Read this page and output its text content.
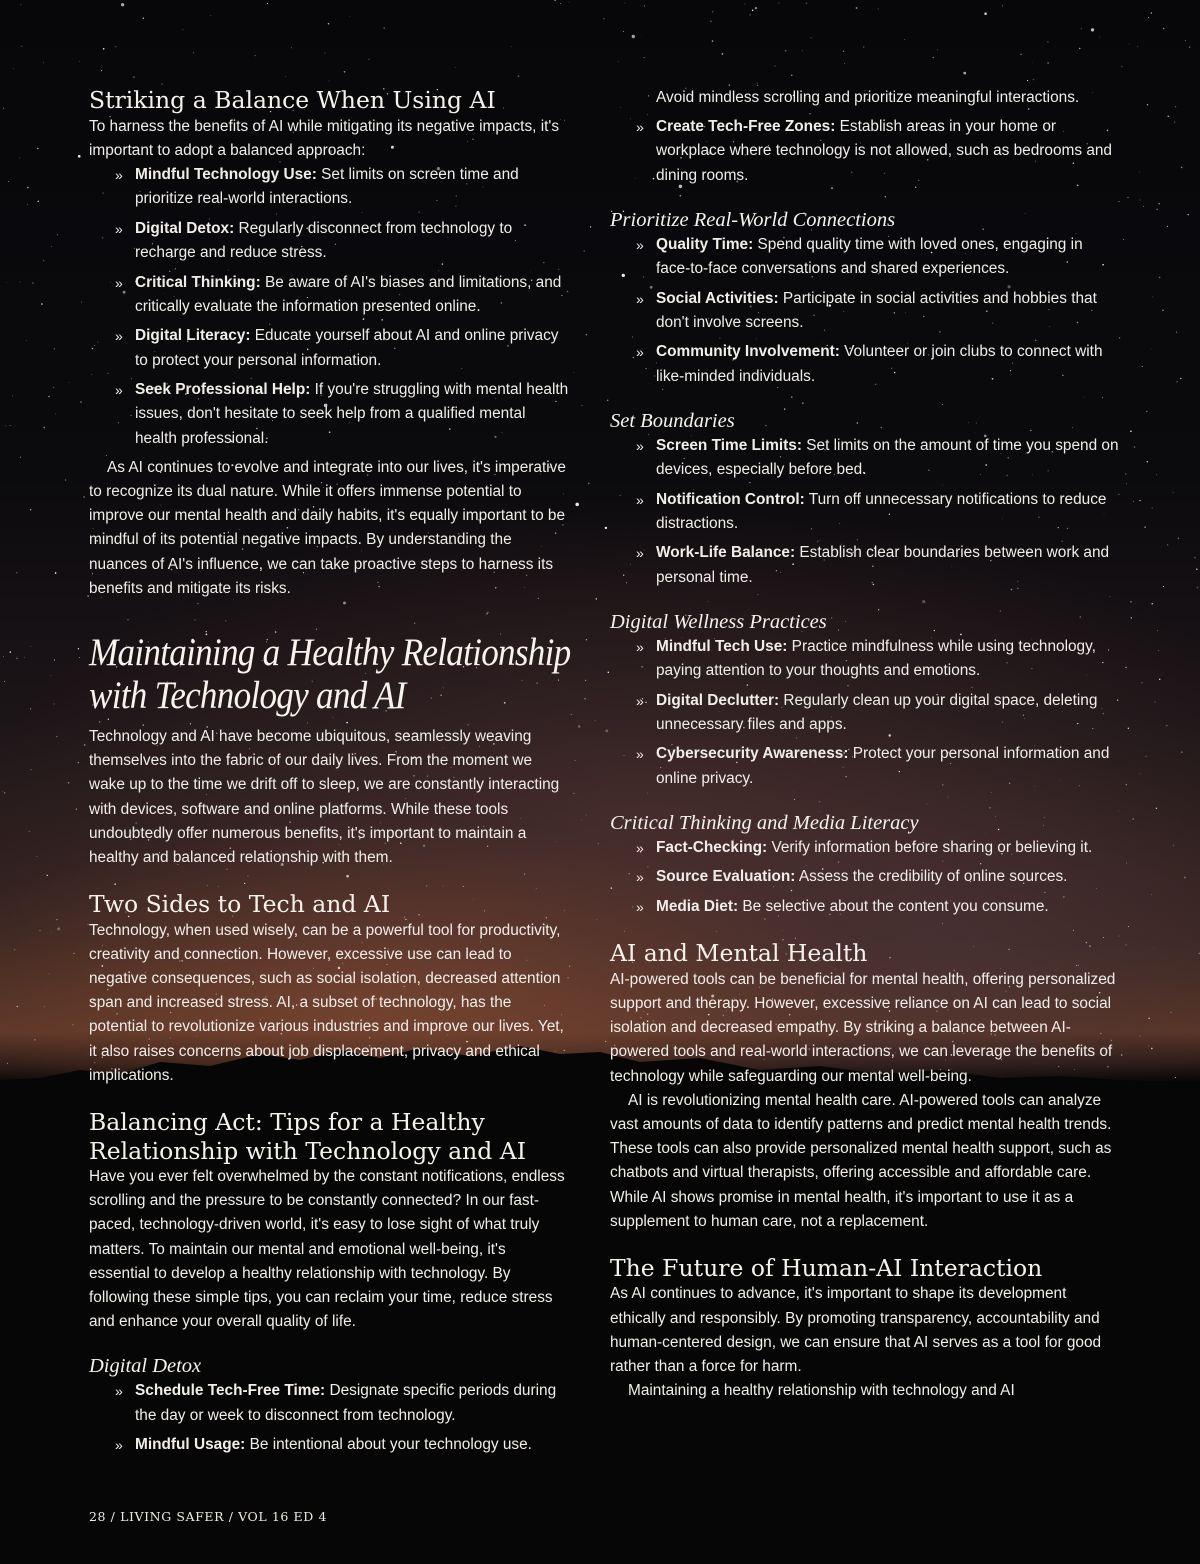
Striking a Balance When Using AI

To harness the benefits of AI while mitigating its negative impacts, it's important to adopt a balanced approach:

» Mindful Technology Use: Set limits on screen time and prioritize real-world interactions.
» Digital Detox: Regularly disconnect from technology to recharge and reduce stress.
» Critical Thinking: Be aware of AI's biases and limitations, and critically evaluate the information presented online.
» Digital Literacy: Educate yourself about AI and online privacy to protect your personal information.
» Seek Professional Help: If you're struggling with mental health issues, don't hesitate to seek help from a qualified mental health professional.

As AI continues to evolve and integrate into our lives, it's imperative to recognize its dual nature. While it offers immense potential to improve our mental health and daily habits, it's equally important to be mindful of its potential negative impacts. By understanding the nuances of AI's influence, we can take proactive steps to harness its benefits and mitigate its risks.

Maintaining a Healthy Relationship with Technology and AI

Technology and AI have become ubiquitous, seamlessly weaving themselves into the fabric of our daily lives. From the moment we wake up to the time we drift off to sleep, we are constantly interacting with devices, software and online platforms. While these tools undoubtedly offer numerous benefits, it's important to maintain a healthy and balanced relationship with them.

Two Sides to Tech and AI

Technology, when used wisely, can be a powerful tool for productivity, creativity and connection. However, excessive use can lead to negative consequences, such as social isolation, decreased attention span and increased stress. AI, a subset of technology, has the potential to revolutionize various industries and improve our lives. Yet, it also raises concerns about job displacement, privacy and ethical implications.

Balancing Act: Tips for a Healthy Relationship with Technology and AI

Have you ever felt overwhelmed by the constant notifications, endless scrolling and the pressure to be constantly connected? In our fast-paced, technology-driven world, it's easy to lose sight of what truly matters. To maintain our mental and emotional well-being, it's essential to develop a healthy relationship with technology. By following these simple tips, you can reclaim your time, reduce stress and enhance your overall quality of life.

Digital Detox
» Schedule Tech-Free Time: Designate specific periods during the day or week to disconnect from technology.
» Mindful Usage: Be intentional about your technology use.

Avoid mindless scrolling and prioritize meaningful interactions.

» Create Tech-Free Zones: Establish areas in your home or workplace where technology is not allowed, such as bedrooms and dining rooms.
Prioritize Real-World Connections
» Quality Time: Spend quality time with loved ones, engaging in face-to-face conversations and shared experiences.
» Social Activities: Participate in social activities and hobbies that don't involve screens.
» Community Involvement: Volunteer or join clubs to connect with like-minded individuals.
Set Boundaries
» Screen Time Limits: Set limits on the amount of time you spend on devices, especially before bed.
» Notification Control: Turn off unnecessary notifications to reduce distractions.
» Work-Life Balance: Establish clear boundaries between work and personal time.
Digital Wellness Practices
» Mindful Tech Use: Practice mindfulness while using technology, paying attention to your thoughts and emotions.
» Digital Declutter: Regularly clean up your digital space, deleting unnecessary files and apps.
» Cybersecurity Awareness: Protect your personal information and online privacy.
Critical Thinking and Media Literacy
» Fact-Checking: Verify information before sharing or believing it.
» Source Evaluation: Assess the credibility of online sources.
» Media Diet: Be selective about the content you consume.
AI and Mental Health

AI-powered tools can be beneficial for mental health, offering personalized support and therapy. However, excessive reliance on AI can lead to social isolation and decreased empathy. By striking a balance between AI-powered tools and real-world interactions, we can leverage the benefits of technology while safeguarding our mental well-being.

AI is revolutionizing mental health care. AI-powered tools can analyze vast amounts of data to identify patterns and predict mental health trends. These tools can also provide personalized mental health support, such as chatbots and virtual therapists, offering accessible and affordable care. While AI shows promise in mental health, it's important to use it as a supplement to human care, not a replacement.

The Future of Human-AI Interaction

As AI continues to advance, it's important to shape its development ethically and responsibly. By promoting transparency, accountability and human-centered design, we can ensure that AI serves as a tool for good rather than a force for harm.

Maintaining a healthy relationship with technology and AI

28 / LIVING SAFER / VOL 16 ED 4
